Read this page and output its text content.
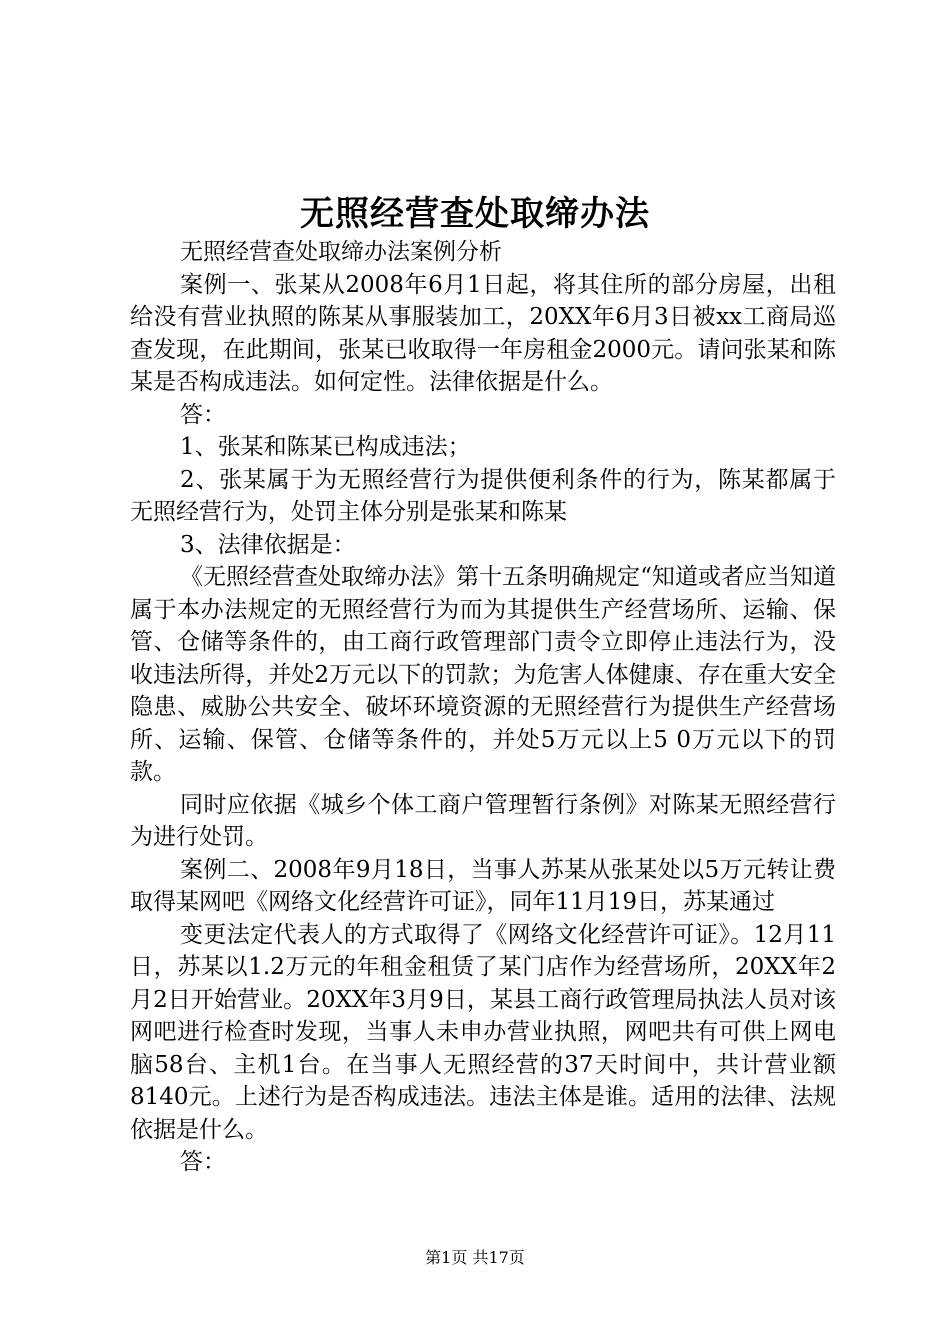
无照经营查处取缔办法

无照经营查处取缔办法案例分析

案例一、张某从2008年6月1日起，将其住所的部分房屋，出租给没有营业执照的陈某从事服装加工，20XX年6月3日被xx工商局巡查发现，在此期间，张某已收取得一年房租金2000元。请问张某和陈某是否构成违法。如何定性。法律依据是什么。

答：

1、张某和陈某已构成违法；

2、张某属于为无照经营行为提供便利条件的行为，陈某都属于无照经营行为，处罚主体分别是张某和陈某

3、法律依据是：

《无照经营查处取缔办法》第十五条明确规定“知道或者应当知道属于本办法规定的无照经营行为而为其提供生产经营场所、运输、保管、仓储等条件的，由工商行政管理部门责令立即停止违法行为，没收违法所得，并处2万元以下的罚款；为危害人体健康、存在重大安全隐患、威胁公共安全、破坏环境资源的无照经营行为提供生产经营场所、运输、保管、仓储等条件的，并处5万元以上5 0万元以下的罚款。

同时应依据《城乡个体工商户管理暂行条例》对陈某无照经营行为进行处罚。

案例二、2008年9月18日，当事人苏某从张某处以5万元转让费取得某网吧《网络文化经营许可证》，同年11月19日，苏某通过

变更法定代表人的方式取得了《网络文化经营许可证》。12月11日，苏某以1.2万元的年租金租赁了某门店作为经营场所，20XX年2月2日开始营业。20XX年3月9日，某县工商行政管理局执法人员对该网吧进行检查时发现，当事人未申办营业执照，网吧共有可供上网电脑58台、主机1台。在当事人无照经营的37天时间中，共计营业额8140元。上述行为是否构成违法。违法主体是谁。适用的法律、法规依据是什么。

答：

第1页 共17页
